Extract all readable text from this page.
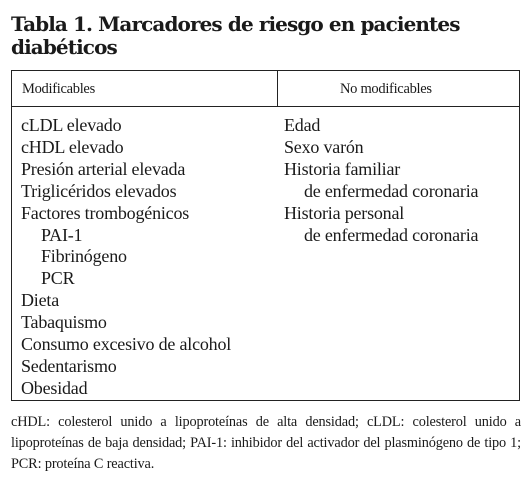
Tabla 1. Marcadores de riesgo en pacientes diabéticos
Modificables	No modificables
cLDL elevado
cHDL elevado
Presión arterial elevada
Triglicéridos elevados
Factores trombogénicos
PAI-1
Fibrinógeno
PCR
Dieta
Tabaquismo
Consumo excesivo de alcohol
Sedentarismo
Obesidad
Edad
Sexo varón
Historia familiar
de enfermedad coronaria
Historia personal
de enfermedad coronaria

cHDL: colesterol unido a lipoproteínas de alta densidad; cLDL: colesterol unido a lipoproteínas de baja densidad; PAI-1: inhibidor del activador del plasminógeno de tipo 1; PCR: proteína C reactiva.
